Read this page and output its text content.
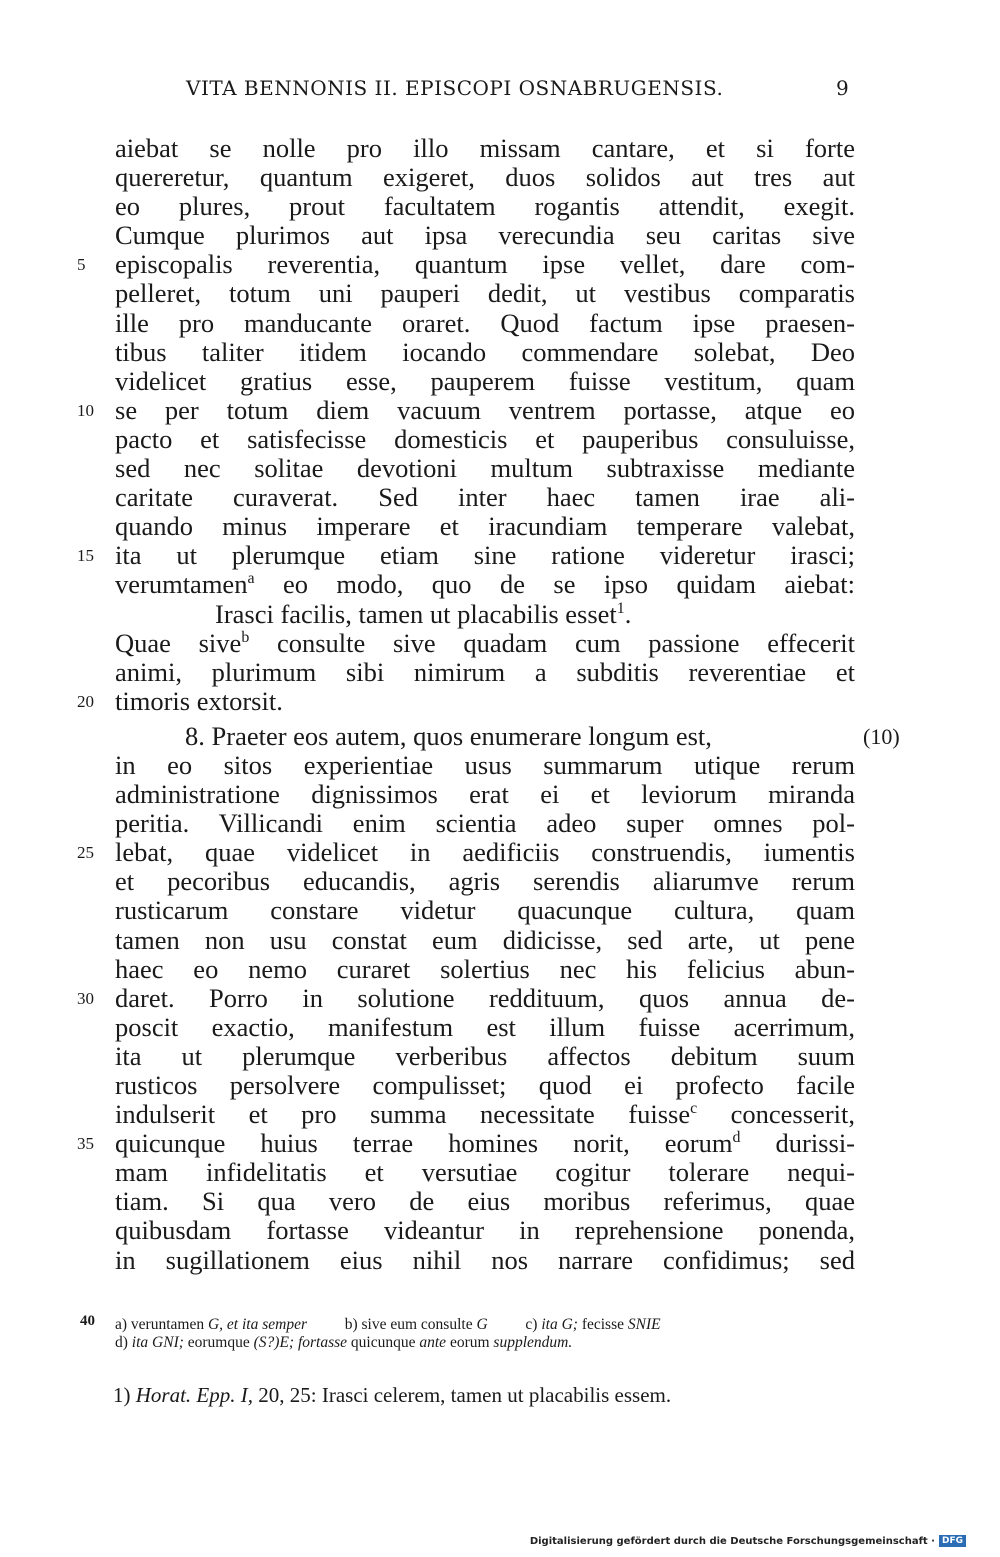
VITA BENNONIS II. EPISCOPI OSNABRUGENSIS.	9
aiebat se nolle pro illo missam cantare, et si forte
quereretur, quantum exigeret, duos solidos aut tres aut
eo plures, prout facultatem rogantis attendit, exegit.
Cumque plurimos aut ipsa verecundia seu caritas sive
5	episcopalis reverentia, quantum ipse vellet, dare com-
pelleret, totum uni pauperi dedit, ut vestibus comparatis
ille pro manducante oraret. Quod factum ipse praesen-
tibus taliter itidem iocando commendare solebat, Deo
videlicet gratius esse, pauperem fuisse vestitum, quam
10 se per totum diem vacuum ventrem portasse, atque eo
pacto et satisfecisse domesticis et pauperibus consuluisse,
sed nec solitae devotioni multum subtraxisse mediante
caritate curaverat. Sed inter haec tamen irae ali-
quando minus imperare et iracundiam temperare valebat,
15 ita ut plerumque etiam sine ratione videretur irasci;
verumtamen$^a$ eo modo, quo de se ipso quidam aiebat:
Irasci facilis, tamen ut placabilis esset$^1$.
Quae sive$^b$ consulte sive quadam cum passione effecerit
animi, plurimum sibi nimirum a subditis reverentiae et
20 timoris extorsit.
8. Praeter eos autem, quos enumerare longum est,	(10)
in eo sitos experientiae usus summarum utique rerum
administratione dignissimos erat ei et leviorum miranda
peritia. Villicandi enim scientia adeo super omnes pol-
25 lebat, quae videlicet in aedificiis construendis, iumentis
et pecoribus educandis, agris serendis aliarumve rerum
rusticarum constare videtur quacunque cultura, quam
tamen non usu constat eum didicisse, sed arte, ut pene
haec eo nemo curaret solertius nec his felicius abun-
30 daret. Porro in solutione reddituum, quos annua de-
poscit exactio, manifestum est illum fuisse acerrimum,
ita ut plerumque verberibus affectos debitum suum
rusticos persolvere compulisset; quod ei profecto facile
indulserit et pro summa necessitate fuisse$^c$ concesserit,
35 quicunque huius terrae homines norit, eorum$^d$ durissi-
mam infidelitatis et versutiae cogitur tolerare nequi-
tiam. Si qua vero de eius moribus referimus, quae
quibusdam fortasse videantur in reprehensione ponenda,
in sugillationem eius nihil nos narrare confidimus; sed
40 a) veruntamen G, et ita semper b) sive eum consulte G c) ita G; fecisse SNIE
d) ita GNI; eorumque (S?)E; fortasse quicunque ante eorum supplendum.
1) Horat. Epp. I, 20, 25: Irasci celerem, tamen ut placabilis essem.
Digitalisierung gefördert durch die Deutsche Forschungsgemeinschaft · DFG
